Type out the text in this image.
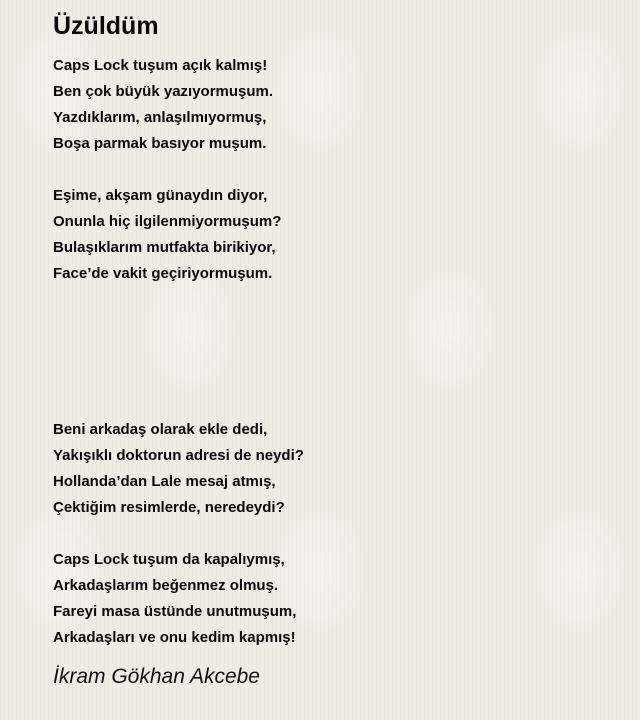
Üzüldüm
Caps Lock tuşum açık kalmış!
Ben çok büyük yazıyormuşum.
Yazdıklarım, anlaşılmıyormuş,
Boşa parmak basıyor muşum.
Eşime, akşam günaydın diyor,
Onunla hiç ilgilenmiyormuşum?
Bulaşıklarım mutfakta birikiyor,
Face’de vakit geçiriyormuşum.
Beni arkadaş olarak ekle dedi,
Yakışıklı doktorun adresi de neydi?
Hollanda’dan Lale mesaj atmış,
Çektiğim resimlerde, neredeydi?
Caps Lock tuşum da kapalıymış,
Arkadaşlarım beğenmez olmuş.
Fareyi masa üstünde unutmuşum,
Arkadaşları ve onu kedim kapmış!
İkram Gökhan Akcebe
